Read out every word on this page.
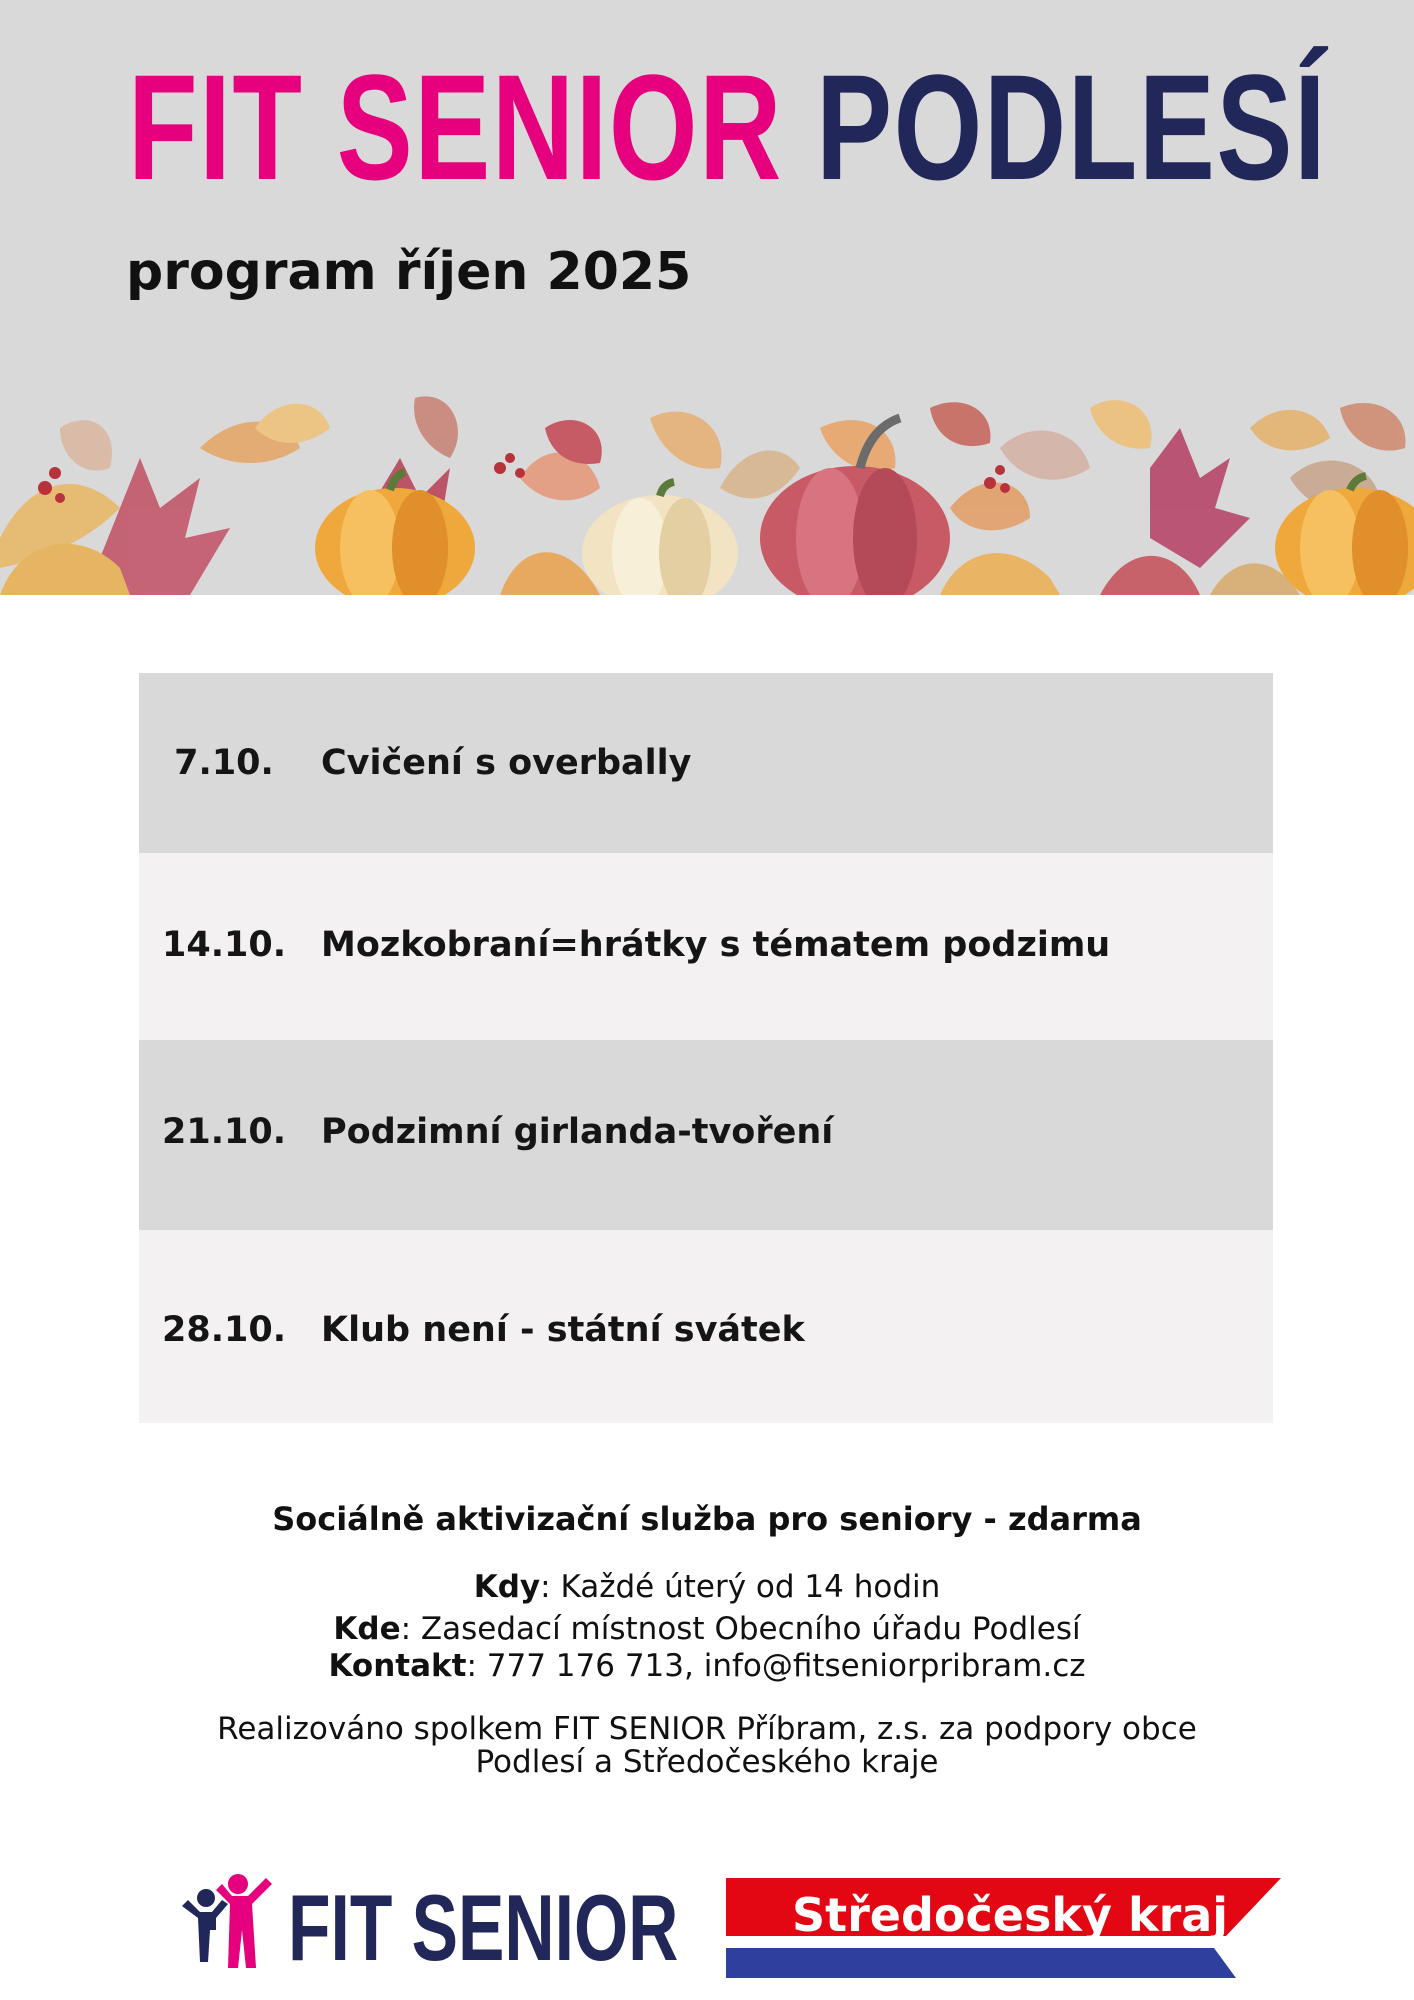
FIT SENIOR PODLESÍ
program říjen 2025
7.10.	Cvičení s overbally
14.10.	Mozkobraní=hrátky s tématem podzimu
21.10.	Podzimní girlanda-tvoření
28.10.	Klub není - státní svátek
Sociálně aktivizační služba pro seniory - zdarma
Kdy: Každé úterý od 14 hodin
Kde: Zasedací místnost Obecního úřadu Podlesí
Kontakt: 777 176 713, info@fitseniorpribram.cz
Realizováno spolkem FIT SENIOR Příbram, z.s. za podpory obce
Podlesí a Středočeského kraje
FIT SENIOR Středočeský kraj
